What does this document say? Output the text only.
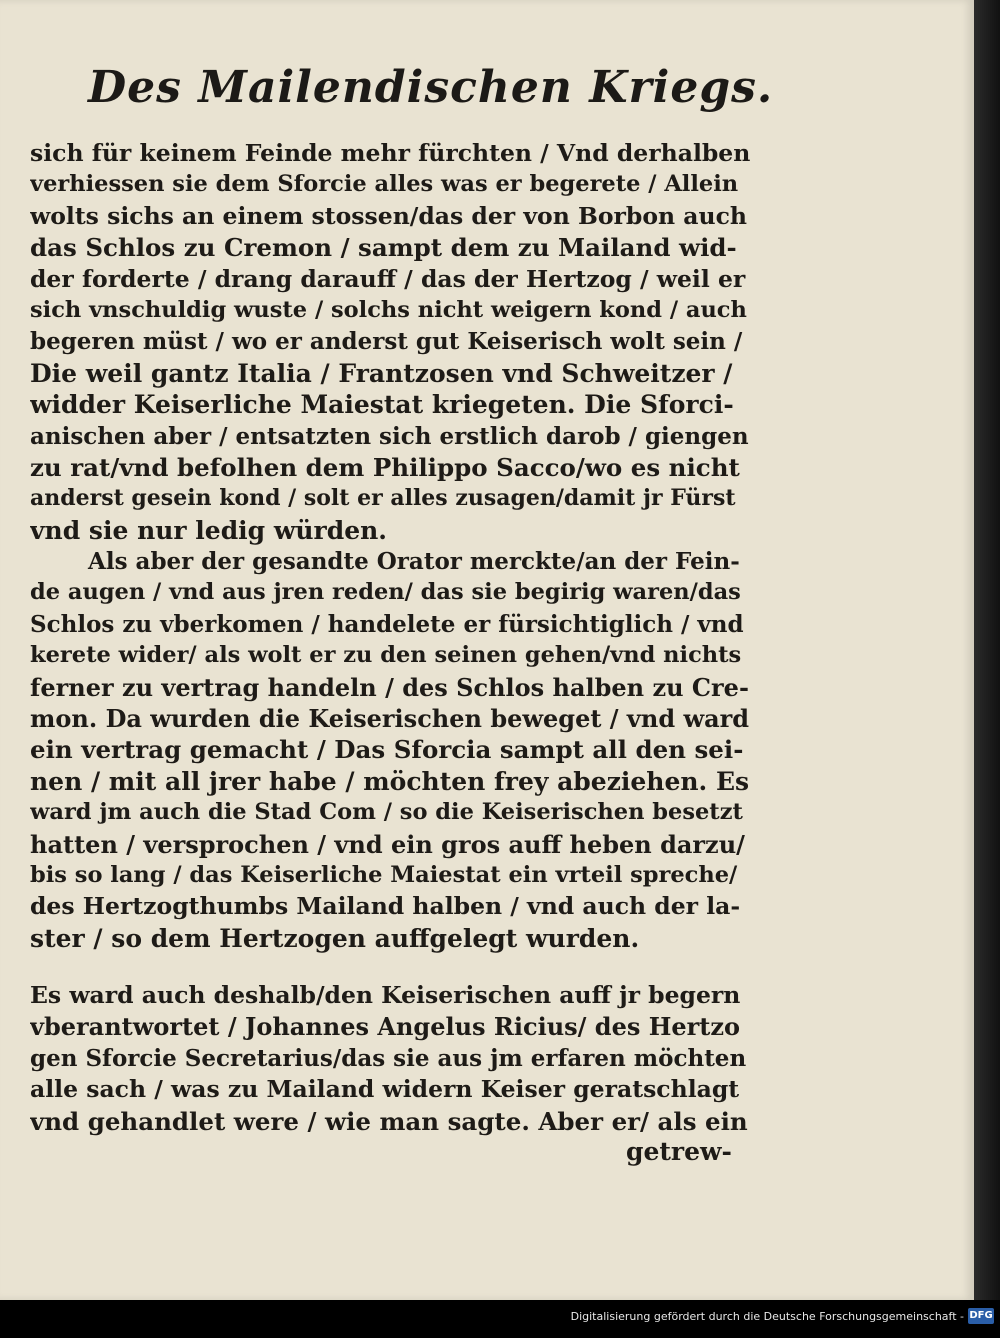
Des Mailendischen Kriegs.
sich für keinem Feinde mehr fürchten / Vnd derhalben
verhiessen sie dem Sforcie alles was er begerete / Allein
wolts sichs an einem stossen/das der von Borbon auch
das Schlos zu Cremon / sampt dem zu Mailand wid-
der forderte / drang darauff / das der Hertzog / weil er
sich vnschuldig wuste / solchs nicht weigern kond / auch
begeren müst / wo er anderst gut Keiserisch wolt sein /
Die weil gantz Italia / Frantzosen vnd Schweitzer /
widder Keiserliche Maiestat kriegeten. Die Sforci-
anischen aber / entsatzten sich erstlich darob / giengen
zu rat/vnd befolhen dem Philippo Sacco/wo es nicht
anderst gesein kond / solt er alles zusagen/damit jr Fürst
vnd sie nur ledig würden.
Als aber der gesandte Orator merckte/an der Fein-
de augen / vnd aus jren reden/ das sie begirig waren/das
Schlos zu vberkomen / handelete er fürsichtiglich / vnd
kerete wider/ als wolt er zu den seinen gehen/vnd nichts
ferner zu vertrag handeln / des Schlos halben zu Cre-
mon. Da wurden die Keiserischen beweget / vnd ward
ein vertrag gemacht / Das Sforcia sampt all den sei-
nen / mit all jrer habe / möchten frey abeziehen. Es
ward jm auch die Stad Com / so die Keiserischen besetzt
hatten / versprochen / vnd ein gros auff heben darzu/
bis so lang / das Keiserliche Maiestat ein vrteil spreche/
des Hertzogthumbs Mailand halben / vnd auch der la-
ster / so dem Hertzogen auffgelegt wurden.
Es ward auch deshalb/den Keiserischen auff jr begern
vberantwortet / Johannes Angelus Ricius/ des Hertzo
gen Sforcie Secretarius/das sie aus jm erfaren möchten
alle sach / was zu Mailand widern Keiser geratschlagt
vnd gehandlet were / wie man sagte. Aber er/ als ein
getrew-
Digitalisierung gefördert durch die Deutsche Forschungsgemeinschaft - DFG
